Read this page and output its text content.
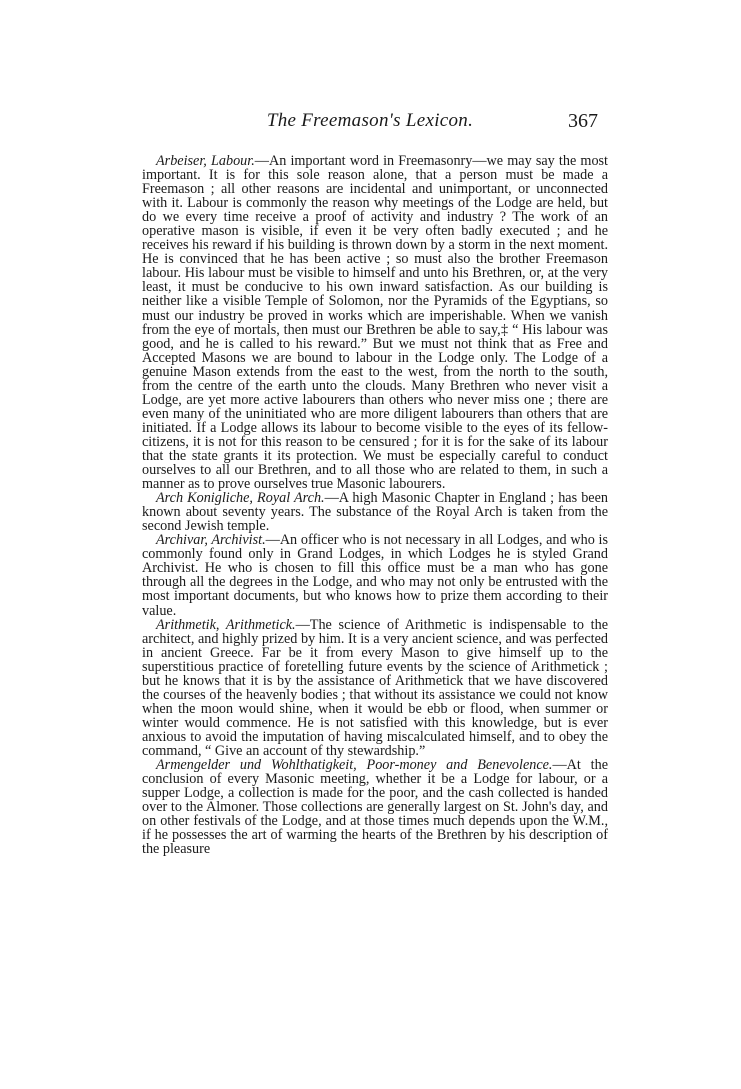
The Freemason's Lexicon.	367

Arbeiser, Labour.—An important word in Freemasonry—we may say the most important. It is for this sole reason alone, that a person must be made a Freemason ; all other reasons are incidental and unimportant, or unconnected with it. Labour is commonly the reason why meetings of the Lodge are held, but do we every time receive a proof of activity and industry ? The work of an operative mason is visible, if even it be very often badly executed ; and he receives his reward if his building is thrown down by a storm in the next moment. He is convinced that he has been active ; so must also the brother Freemason labour. His labour must be visible to himself and unto his Brethren, or, at the very least, it must be conducive to his own inward satisfaction. As our building is neither like a visible Temple of Solomon, nor the Pyramids of the Egyptians, so must our industry be proved in works which are imperishable. When we vanish from the eye of mortals, then must our Brethren be able to say,‡ “ His labour was good, and he is called to his reward.” But we must not think that as Free and Accepted Masons we are bound to labour in the Lodge only. The Lodge of a genuine Mason extends from the east to the west, from the north to the south, from the centre of the earth unto the clouds. Many Brethren who never visit a Lodge, are yet more active labourers than others who never miss one ; there are even many of the uninitiated who are more diligent labourers than others that are initiated. If a Lodge allows its labour to become visible to the eyes of its fellow-citizens, it is not for this reason to be censured ; for it is for the sake of its labour that the state grants it its protection. We must be especially careful to conduct ourselves to all our Brethren, and to all those who are related to them, in such a manner as to prove ourselves true Masonic labourers.

Arch Konigliche, Royal Arch.—A high Masonic Chapter in England ; has been known about seventy years. The substance of the Royal Arch is taken from the second Jewish temple.

Archivar, Archivist.—An officer who is not necessary in all Lodges, and who is commonly found only in Grand Lodges, in which Lodges he is styled Grand Archivist. He who is chosen to fill this office must be a man who has gone through all the degrees in the Lodge, and who may not only be entrusted with the most important documents, but who knows how to prize them according to their value.

Arithmetik, Arithmetick.—The science of Arithmetic is indispensable to the architect, and highly prized by him. It is a very ancient science, and was perfected in ancient Greece. Far be it from every Mason to give himself up to the superstitious practice of foretelling future events by the science of Arithmetick ; but he knows that it is by the assistance of Arithmetick that we have discovered the courses of the heavenly bodies ; that without its assistance we could not know when the moon would shine, when it would be ebb or flood, when summer or winter would commence. He is not satisfied with this knowledge, but is ever anxious to avoid the imputation of having miscalculated himself, and to obey the command, “ Give an account of thy stewardship.”

Armengelder und Wohlthatigkeit, Poor-money and Benevolence.—At the conclusion of every Masonic meeting, whether it be a Lodge for labour, or a supper Lodge, a collection is made for the poor, and the cash collected is handed over to the Almoner. Those collections are generally largest on St. John's day, and on other festivals of the Lodge, and at those times much depends upon the W.M., if he possesses the art of warming the hearts of the Brethren by his description of the pleasure
